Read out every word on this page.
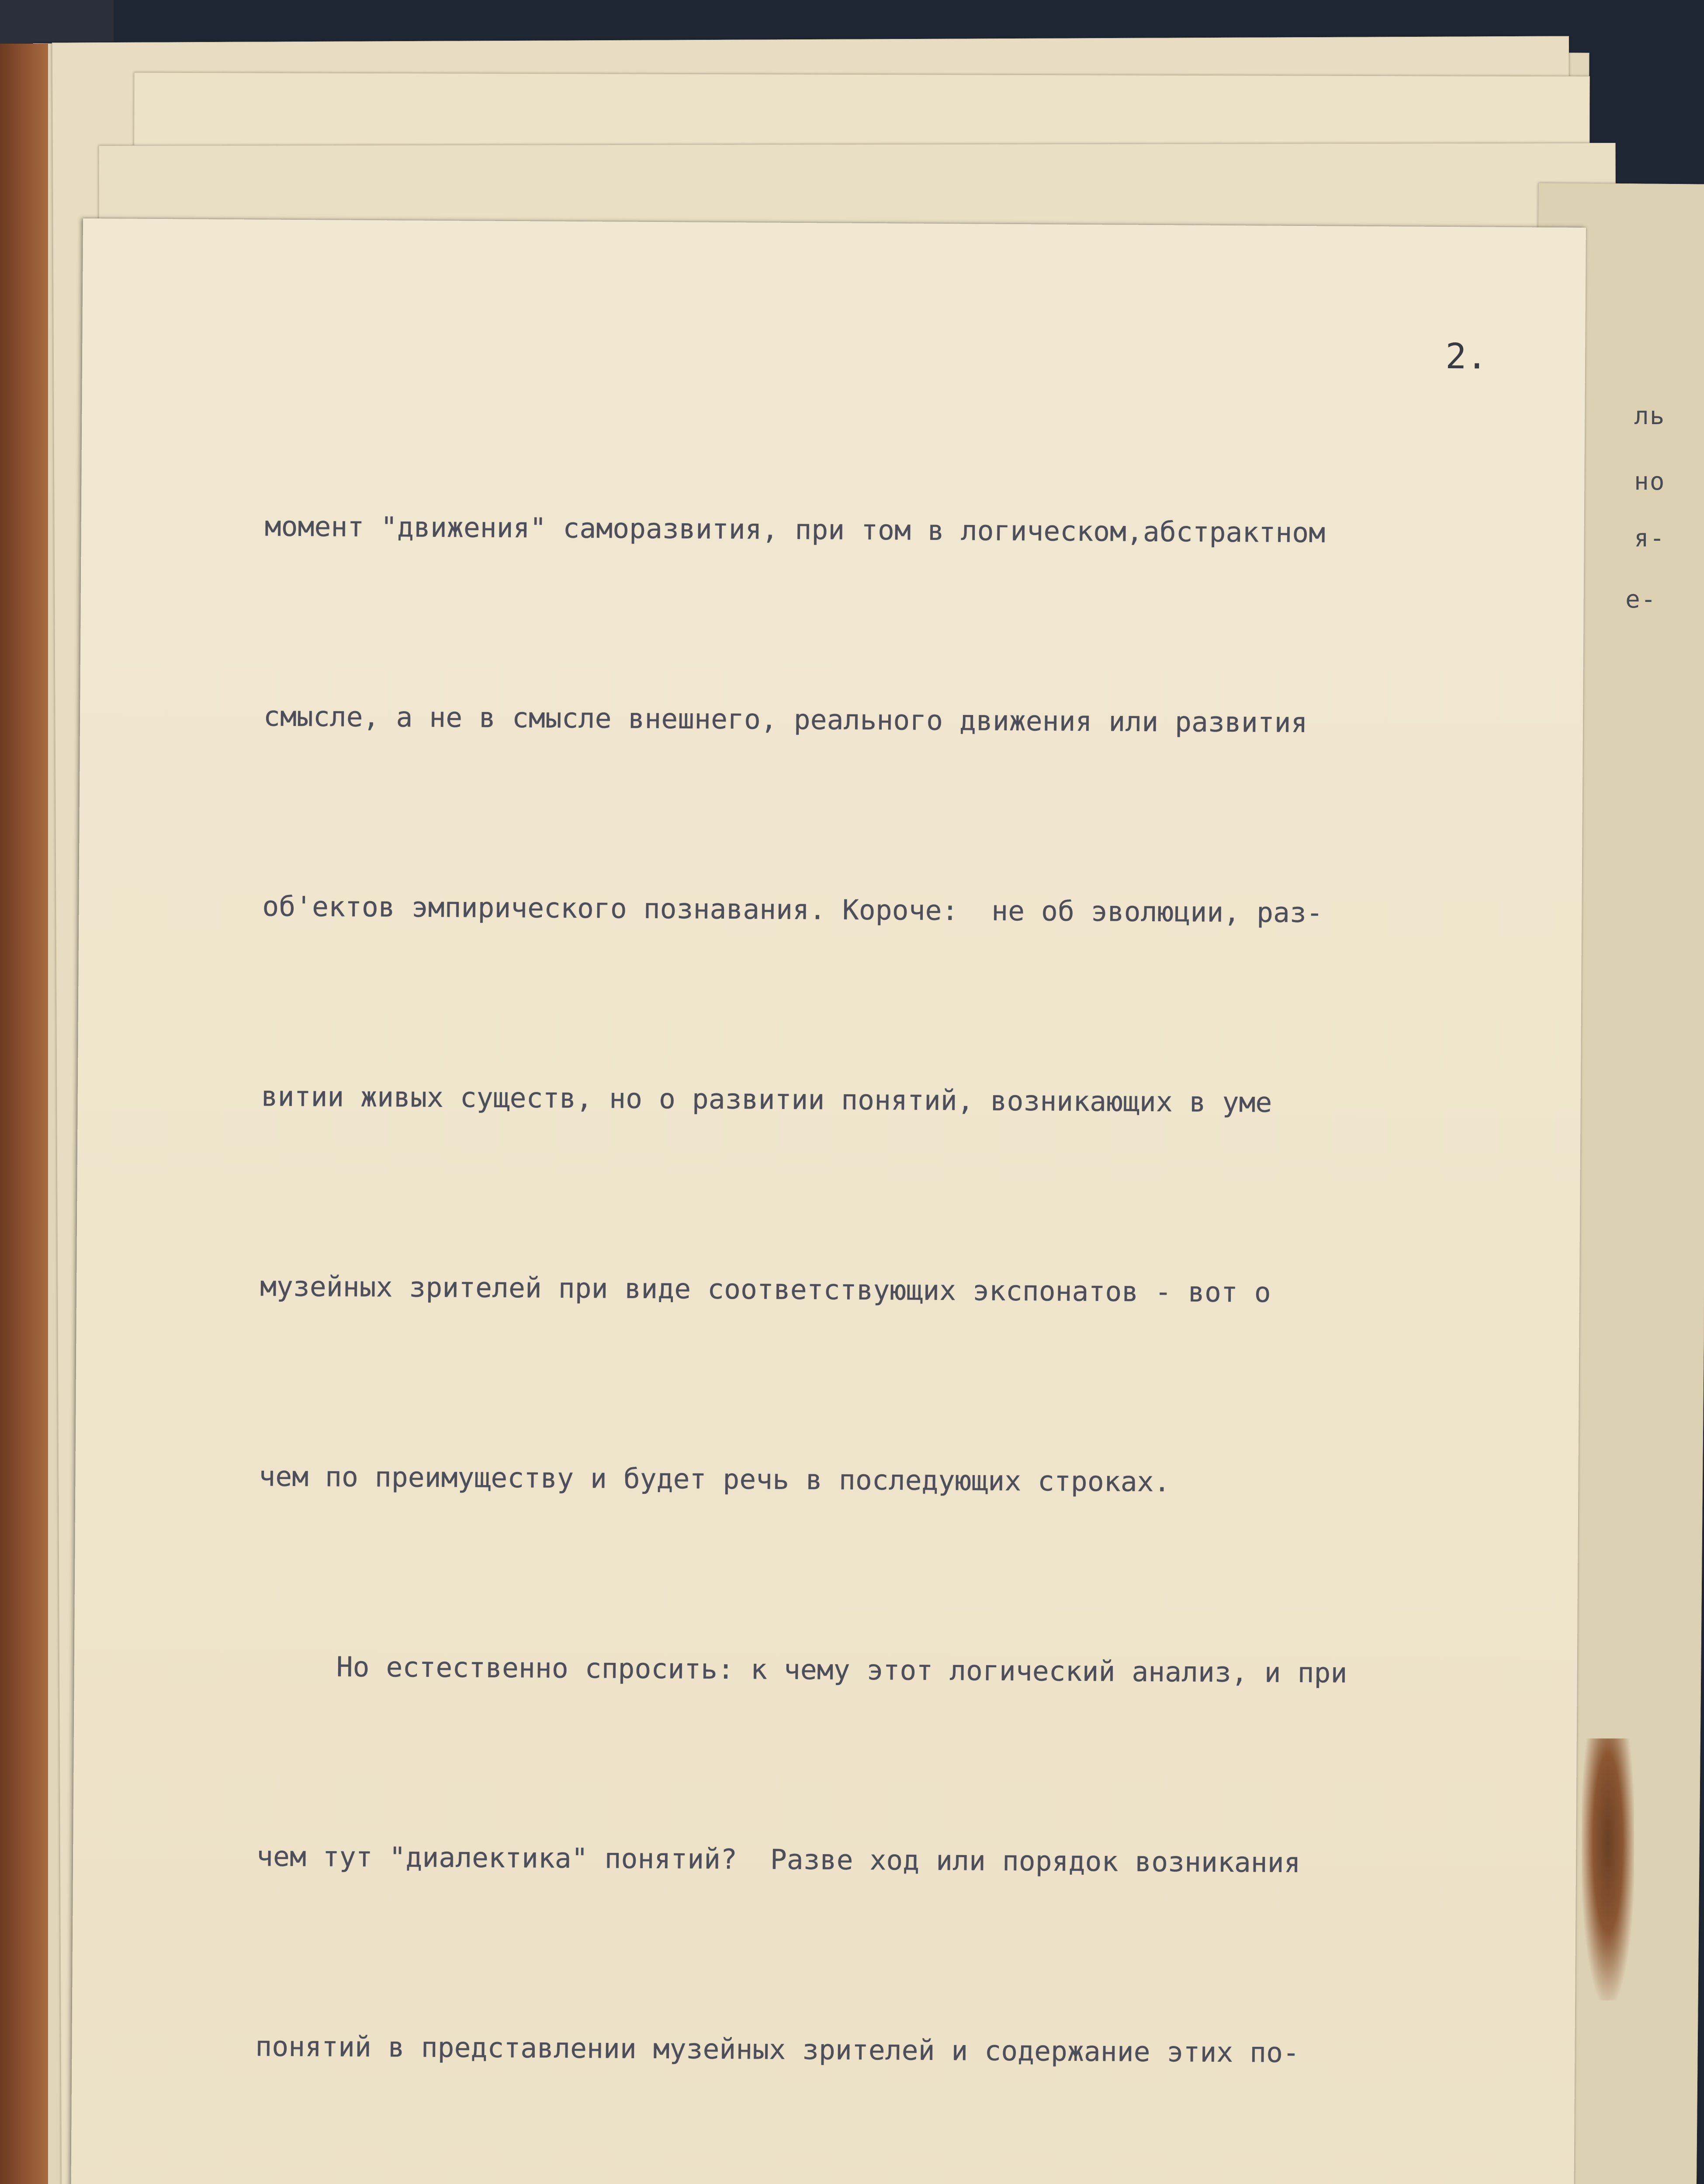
ль
но
я-
е-
2.

момент "движения" саморазвития, при том в логическом,абстрактном

смысле, а не в смысле внешнего, реального движения или развития

об'ектов эмпирического познавания. Короче:  не об эволюции, раз-

витии живых существ, но о развитии понятий, возникающих в уме

музейных зрителей при виде соответствующих экспонатов - вот о

чем по преимуществу и будет речь в последующих строках.

Но естественно спросить: к чему этот логический анализ, и при

чем тут "диалектика" понятий?  Разве ход или порядок возникания

понятий в представлении музейных зрителей и содержание этих по-
